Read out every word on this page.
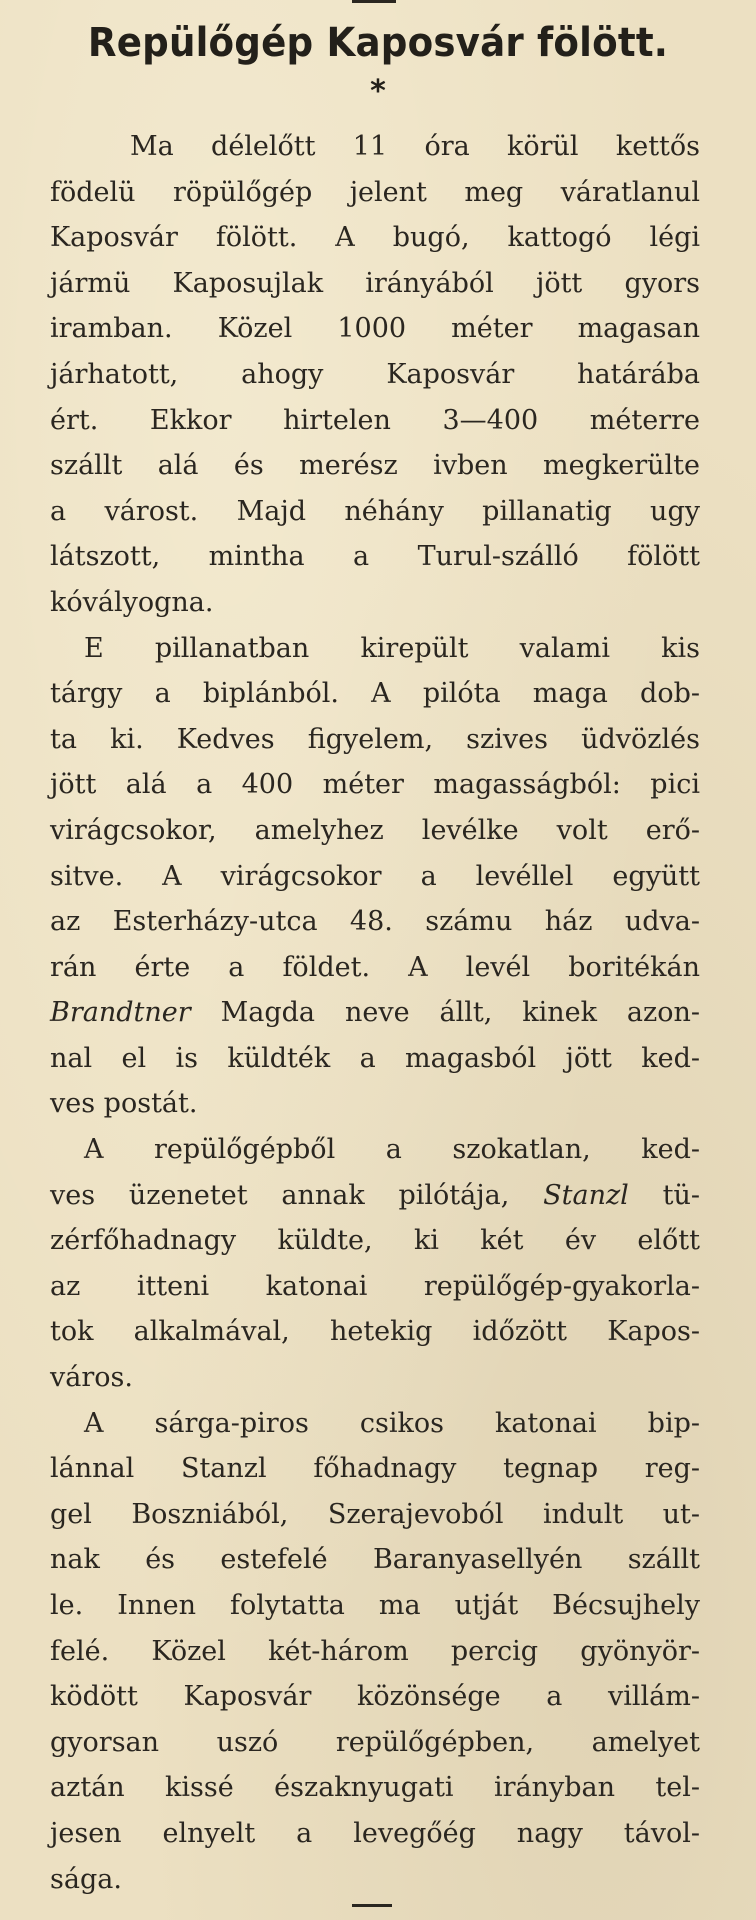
Repülőgép Kaposvár fölött.
*
Ma délelőtt 11 óra körül kettős
födelü röpülőgép jelent meg váratlanul
Kaposvár fölött. A bugó, kattogó légi
jármü Kaposujlak irányából jött gyors
iramban. Közel 1000 méter magasan
járhatott, ahogy Kaposvár határába
ért. Ekkor hirtelen 3—400 méterre
szállt alá és merész ivben megkerülte
a várost. Majd néhány pillanatig ugy
látszott, mintha a Turul-szálló fölött
kóvályogna.
E pillanatban kirepült valami kis
tárgy a biplánból. A pilóta maga dob-
ta ki. Kedves figyelem, szives üdvözlés
jött alá a 400 méter magasságból: pici
virágcsokor, amelyhez levélke volt erő-
sitve. A virágcsokor a levéllel együtt
az Esterházy-utca 48. számu ház udva-
rán érte a földet. A levél boritékán
Brandtner Magda neve állt, kinek azon-
nal el is küldték a magasból jött ked-
ves postát.
A repülőgépből a szokatlan, ked-
ves üzenetet annak pilótája, Stanzl tü-
zérfőhadnagy küldte, ki két év előtt
az itteni katonai repülőgép-gyakorla-
tok alkalmával, hetekig időzött Kapos-
város.
A sárga-piros csikos katonai bip-
lánnal Stanzl főhadnagy tegnap reg-
gel Boszniából, Szerajevoból indult ut-
nak és estefelé Baranyasellyén szállt
le. Innen folytatta ma utját Bécsujhely
felé. Közel két-három percig gyönyör-
ködött Kaposvár közönsége a villám-
gyorsan uszó repülőgépben, amelyet
aztán kissé északnyugati irányban tel-
jesen elnyelt a levegőég nagy távol-
sága.
